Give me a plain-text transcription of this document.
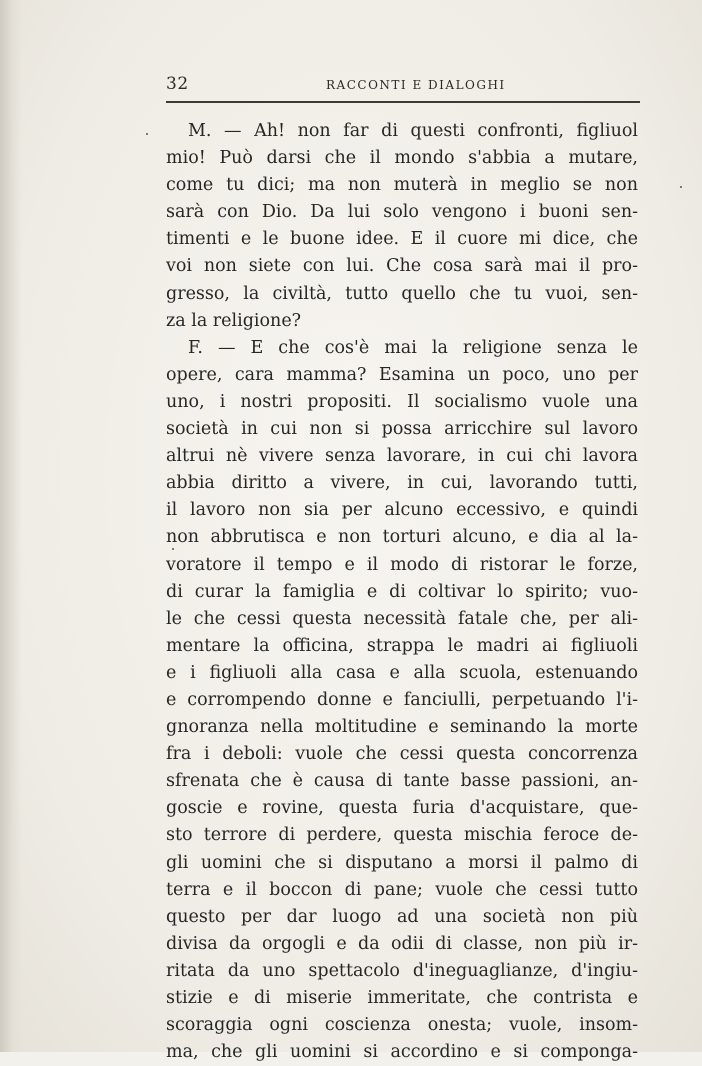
32	RACCONTI E DIALOGHI
M. — Ah! non far di questi confronti, figliuol
mio! Può darsi che il mondo s'abbia a mutare,
come tu dici; ma non muterà in meglio se non
sarà con Dio. Da lui solo vengono i buoni sen-
timenti e le buone idee. E il cuore mi dice, che
voi non siete con lui. Che cosa sarà mai il pro-
gresso, la civiltà, tutto quello che tu vuoi, sen-
za la religione?
F. — E che cos'è mai la religione senza le
opere, cara mamma? Esamina un poco, uno per
uno, i nostri propositi. Il socialismo vuole una
società in cui non si possa arricchire sul lavoro
altrui nè vivere senza lavorare, in cui chi lavora
abbia diritto a vivere, in cui, lavorando tutti,
il lavoro non sia per alcuno eccessivo, e quindi
non abbrutisca e non torturi alcuno, e dia al la-
voratore il tempo e il modo di ristorar le forze,
di curar la famiglia e di coltivar lo spirito; vuo-
le che cessi questa necessità fatale che, per ali-
mentare la officina, strappa le madri ai figliuoli
e i figliuoli alla casa e alla scuola, estenuando
e corrompendo donne e fanciulli, perpetuando l'i-
gnoranza nella moltitudine e seminando la morte
fra i deboli: vuole che cessi questa concorrenza
sfrenata che è causa di tante basse passioni, an-
goscie e rovine, questa furia d'acquistare, que-
sto terrore di perdere, questa mischia feroce de-
gli uomini che si disputano a morsi il palmo di
terra e il boccon di pane; vuole che cessi tutto
questo per dar luogo ad una società non più
divisa da orgogli e da odii di classe, non più ir-
ritata da uno spettacolo d'ineguaglianze, d'ingiu-
stizie e di miserie immeritate, che contrista e
scoraggia ogni coscienza onesta; vuole, insom-
ma, che gli uomini si accordino e si componga-
